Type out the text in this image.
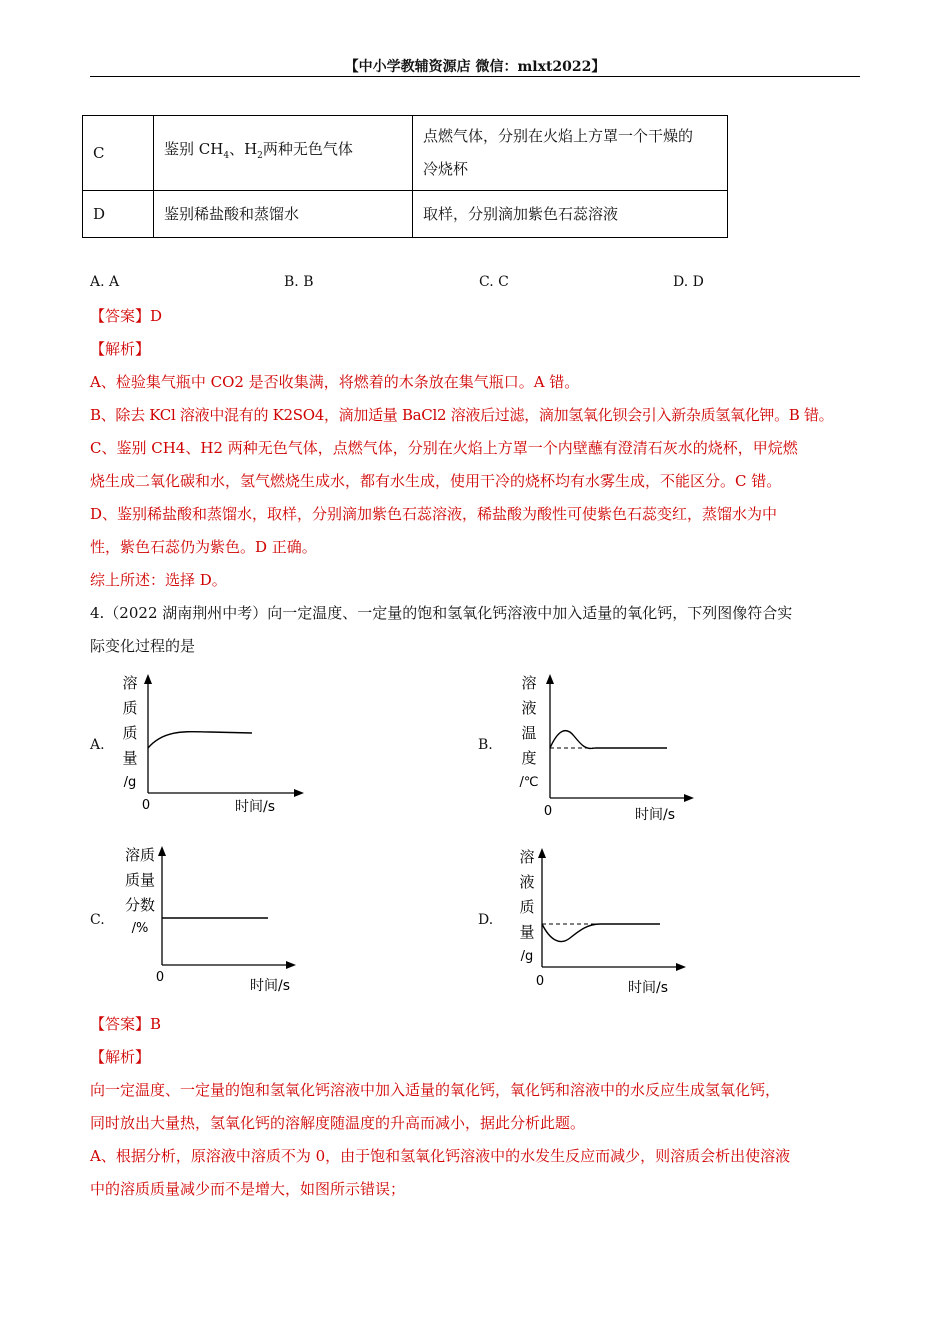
【中小学教辅资源店 微信：mlxt2022】
C	鉴别 $CH_4$、$H_2$两种无色气体	点燃气体，分别在火焰上方罩一个干燥的
冷烧杯

D	鉴别稀盐酸和蒸馏水	取样，分别滴加紫色石蕊溶液
A. A	B. B	C. C	D. D
【答案】D
【解析】
A、检验集气瓶中 CO2 是否收集满，将燃着的木条放在集气瓶口。A 错。
B、除去 KCl 溶液中混有的 K2SO4，滴加适量 BaCl2 溶液后过滤，滴加氢氧化钡会引入新杂质氢氧化钾。B 错。
C、鉴别 CH4、H2 两种无色气体，点燃气体，分别在火焰上方罩一个内壁蘸有澄清石灰水的烧杯，甲烷燃
烧生成二氧化碳和水，氢气燃烧生成水，都有水生成，使用干冷的烧杯均有水雾生成，不能区分。C 错。
D、鉴别稀盐酸和蒸馏水，取样，分别滴加紫色石蕊溶液，稀盐酸为酸性可使紫色石蕊变红，蒸馏水为中
性，紫色石蕊仍为紫色。D 正确。
综上所述：选择 D。
4.（2022 湖南荆州中考）向一定温度、一定量的饱和氢氧化钙溶液中加入适量的氧化钙，下列图像符合实
际变化过程的是
A.
溶
质
质
量
/g
0	时间/s
B.
溶
液
温
度
/℃
0	时间/s
C.
溶质
质量
分数
/%
0
时间/s
D.
溶
液
质
量
/g
0	时间/s
【答案】B
【解析】
向一定温度、一定量的饱和氢氧化钙溶液中加入适量的氧化钙，氧化钙和溶液中的水反应生成氢氧化钙，
同时放出大量热，氢氧化钙的溶解度随温度的升高而减小，据此分析此题。
A、根据分析，原溶液中溶质不为 0，由于饱和氢氧化钙溶液中的水发生反应而减少，则溶质会析出使溶液
中的溶质质量减少而不是增大，如图所示错误；
